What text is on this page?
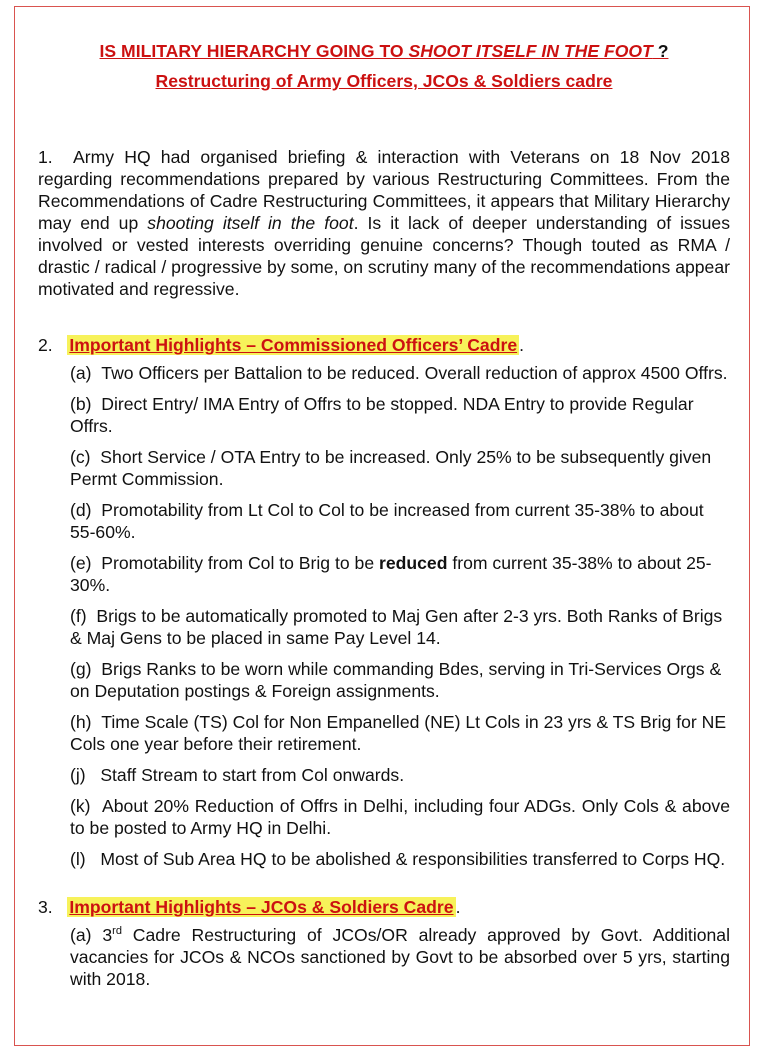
IS MILITARY HIERARCHY GOING TO SHOOT ITSELF IN THE FOOT ?
Restructuring of Army Officers, JCOs & Soldiers cadre
1. Army HQ had organised briefing & interaction with Veterans on 18 Nov 2018 regarding recommendations prepared by various Restructuring Committees. From the Recommendations of Cadre Restructuring Committees, it appears that Military Hierarchy may end up shooting itself in the foot. Is it lack of deeper understanding of issues involved or vested interests overriding genuine concerns? Though touted as RMA / drastic / radical / progressive by some, on scrutiny many of the recommendations appear motivated and regressive.
2. Important Highlights – Commissioned Officers’ Cadre .
(a) Two Officers per Battalion to be reduced. Overall reduction of approx 4500 Offrs.
(b) Direct Entry/ IMA Entry of Offrs to be stopped. NDA Entry to provide Regular Offrs.
(c) Short Service / OTA Entry to be increased. Only 25% to be subsequently given Permt Commission.
(d) Promotability from Lt Col to Col to be increased from current 35-38% to about 55-60%.
(e) Promotability from Col to Brig to be reduced from current 35-38% to about 25-30%.
(f) Brigs to be automatically promoted to Maj Gen after 2-3 yrs. Both Ranks of Brigs & Maj Gens to be placed in same Pay Level 14.
(g) Brigs Ranks to be worn while commanding Bdes, serving in Tri-Services Orgs & on Deputation postings & Foreign assignments.
(h) Time Scale (TS) Col for Non Empanelled (NE) Lt Cols in 23 yrs & TS Brig for NE Cols one year before their retirement.
(j) Staff Stream to start from Col onwards.
(k) About 20% Reduction of Offrs in Delhi, including four ADGs. Only Cols & above to be posted to Army HQ in Delhi.
(l) Most of Sub Area HQ to be abolished & responsibilities transferred to Corps HQ.
3. Important Highlights – JCOs & Soldiers Cadre .
(a) 3rd Cadre Restructuring of JCOs/OR already approved by Govt. Additional vacancies for JCOs & NCOs sanctioned by Govt to be absorbed over 5 yrs, starting with 2018.
